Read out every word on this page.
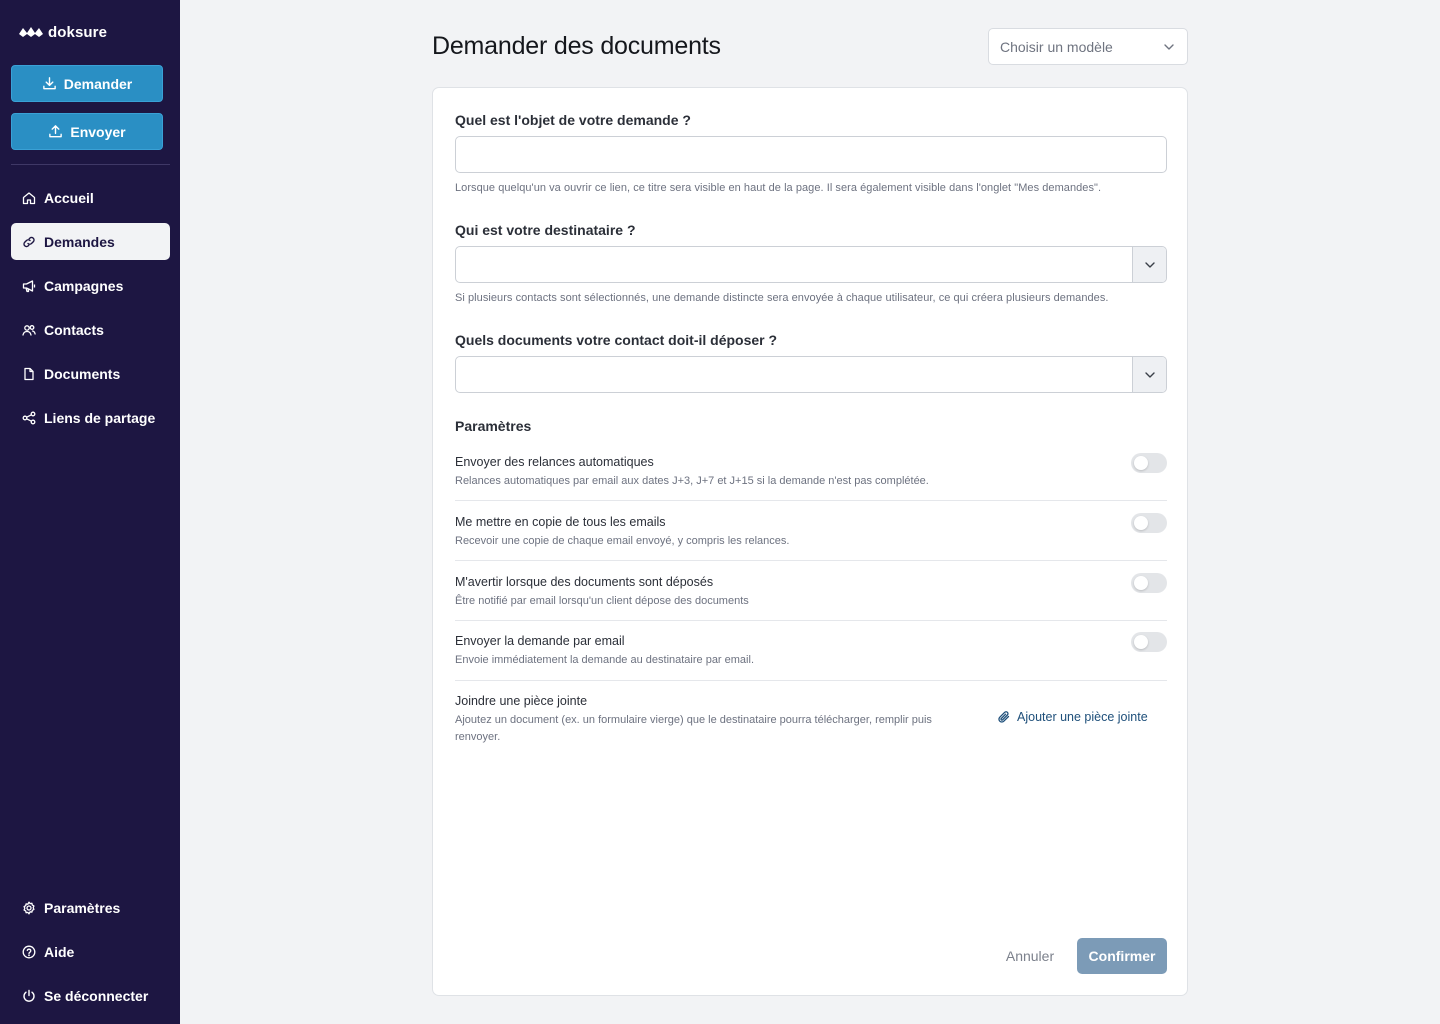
doksure
Demander
Envoyer
Accueil
Demandes
Campagnes
Contacts
Documents
Liens de partage
Paramètres
Aide
Se déconnecter
Demander des documents	Choisir un modèle
Quel est l'objet de votre demande ?
Lorsque quelqu'un va ouvrir ce lien, ce titre sera visible en haut de la page. Il sera également visible dans l'onglet "Mes demandes".
Qui est votre destinataire ?
Si plusieurs contacts sont sélectionnés, une demande distincte sera envoyée à chaque utilisateur, ce qui créera plusieurs demandes.
Quels documents votre contact doit-il déposer ?
Paramètres
Envoyer des relances automatiques
Relances automatiques par email aux dates J+3, J+7 et J+15 si la demande n'est pas complétée.
Me mettre en copie de tous les emails
Recevoir une copie de chaque email envoyé, y compris les relances.
M'avertir lorsque des documents sont déposés
Être notifié par email lorsqu'un client dépose des documents
Envoyer la demande par email
Envoie immédiatement la demande au destinataire par email.
Joindre une pièce jointe
Ajoutez un document (ex. un formulaire vierge) que le destinataire pourra télécharger, remplir puis renvoyer.
Ajouter une pièce jointe
Annuler	Confirmer
